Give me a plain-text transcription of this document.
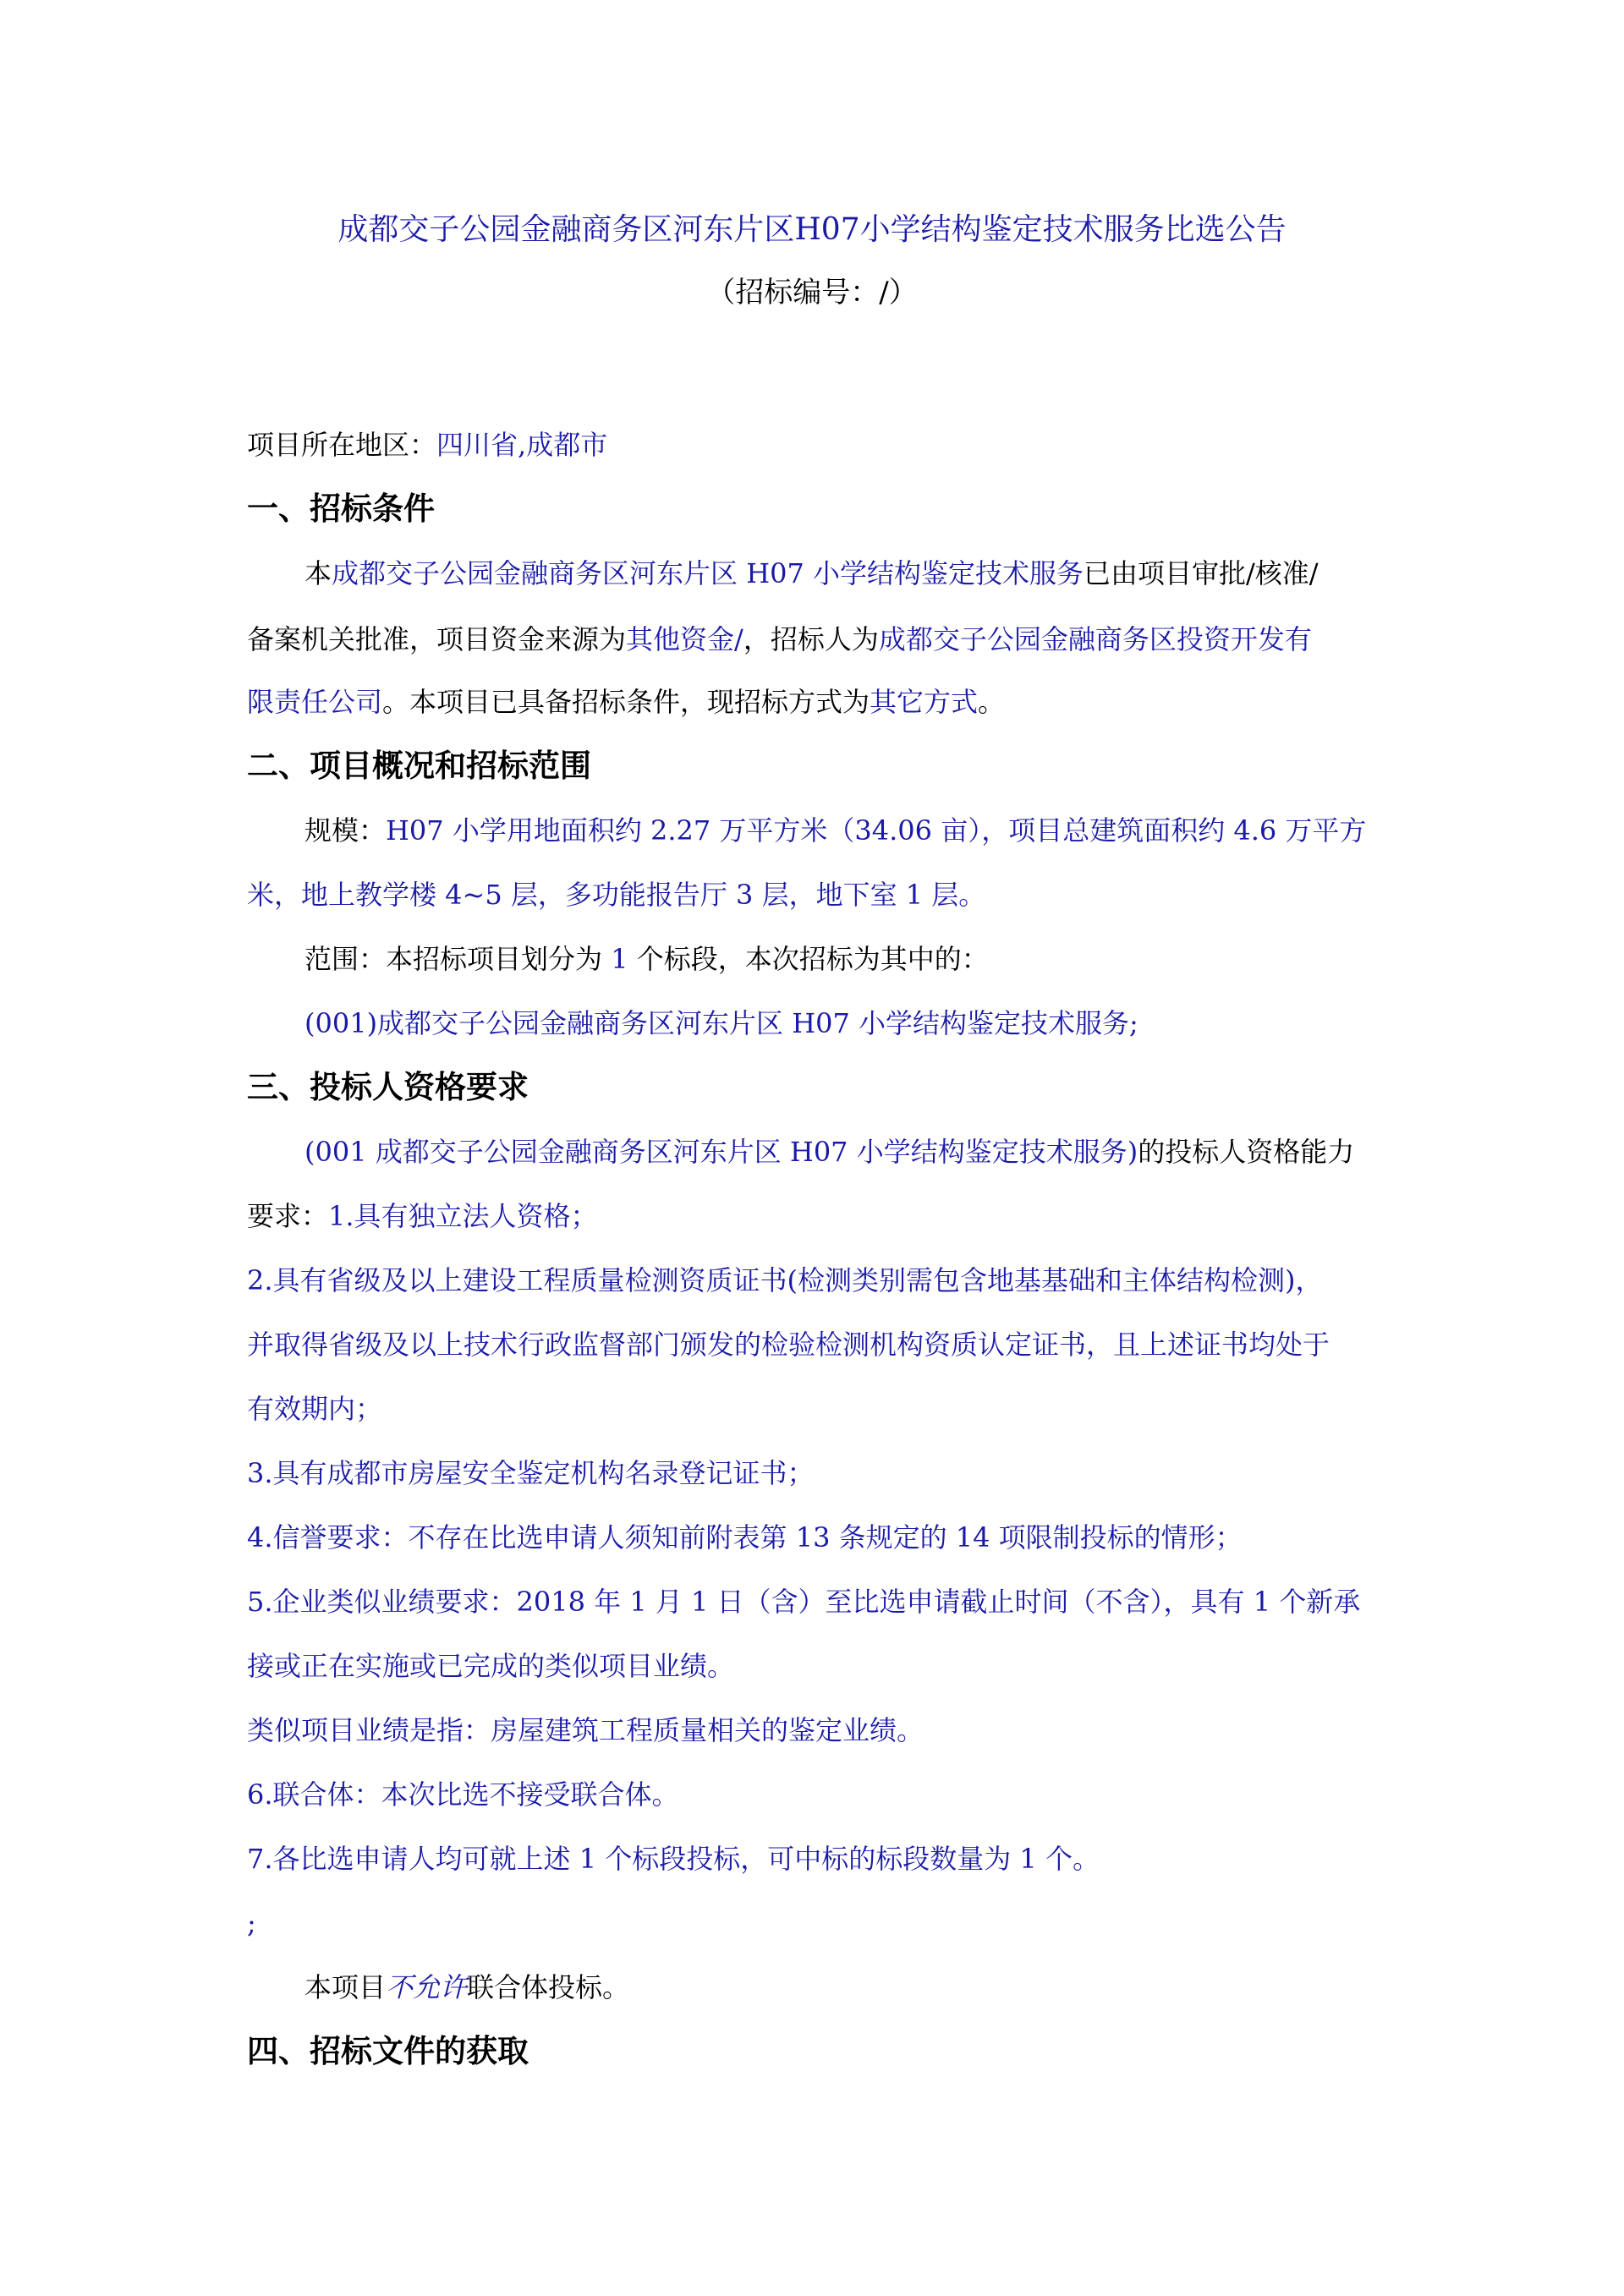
成都交子公园金融商务区河东片区H07小学结构鉴定技术服务比选公告
（招标编号：/）
项目所在地区：四川省,成都市
一、招标条件
本成都交子公园金融商务区河东片区 H07 小学结构鉴定技术服务已由项目审批/核准/
备案机关批准，项目资金来源为其他资金/，招标人为成都交子公园金融商务区投资开发有
限责任公司。本项目已具备招标条件，现招标方式为其它方式。
二、项目概况和招标范围
规模：H07 小学用地面积约 2.27 万平方米（34.06 亩），项目总建筑面积约 4.6 万平方
米，地上教学楼 4~5 层，多功能报告厅 3 层，地下室 1 层。
范围：本招标项目划分为 1 个标段，本次招标为其中的：
(001)成都交子公园金融商务区河东片区 H07 小学结构鉴定技术服务;
三、投标人资格要求
(001 成都交子公园金融商务区河东片区 H07 小学结构鉴定技术服务)的投标人资格能力
要求：1.具有独立法人资格；
2.具有省级及以上建设工程质量检测资质证书(检测类别需包含地基基础和主体结构检测)，
并取得省级及以上技术行政监督部门颁发的检验检测机构资质认定证书，且上述证书均处于
有效期内；
3.具有成都市房屋安全鉴定机构名录登记证书；
4.信誉要求：不存在比选申请人须知前附表第 13 条规定的 14 项限制投标的情形；
5.企业类似业绩要求：2018 年 1 月 1 日（含）至比选申请截止时间（不含），具有 1 个新承
接或正在实施或已完成的类似项目业绩。
类似项目业绩是指：房屋建筑工程质量相关的鉴定业绩。
6.联合体：本次比选不接受联合体。
7.各比选申请人均可就上述 1 个标段投标，可中标的标段数量为 1 个。
;
本项目不允许联合体投标。
四、招标文件的获取
